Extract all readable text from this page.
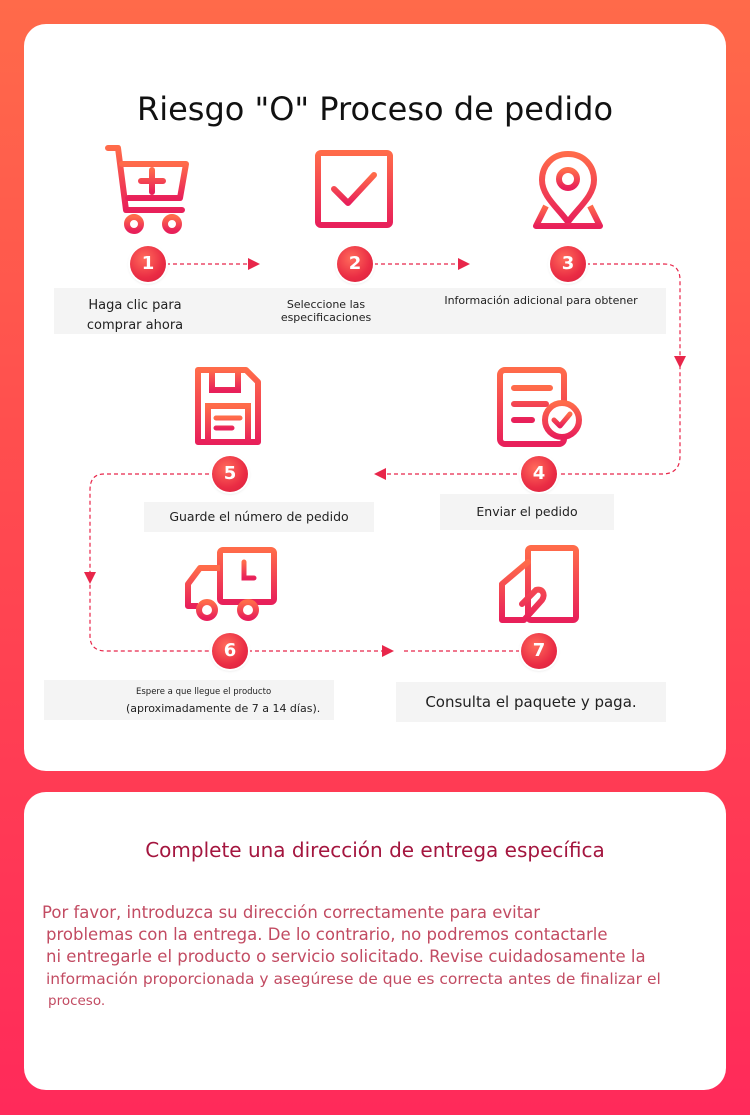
Riesgo "O" Proceso de pedido
1	2	3
4
5
6	7
Haga clic para comprar ahora
Seleccione las especificaciones
Información adicional para obtener
Enviar el pedido
Guarde el número de pedido
Espere a que llegue el producto
(aproximadamente de 7 a 14 días).	Consulta el paquete y paga.
Complete una dirección de entrega específica
Por favor, introduzca su dirección correctamente para evitar
problemas con la entrega. De lo contrario, no podremos contactarle
ni entregarle el producto o servicio solicitado. Revise cuidadosamente la
información proporcionada y asegúrese de que es correcta antes de finalizar el
proceso.
